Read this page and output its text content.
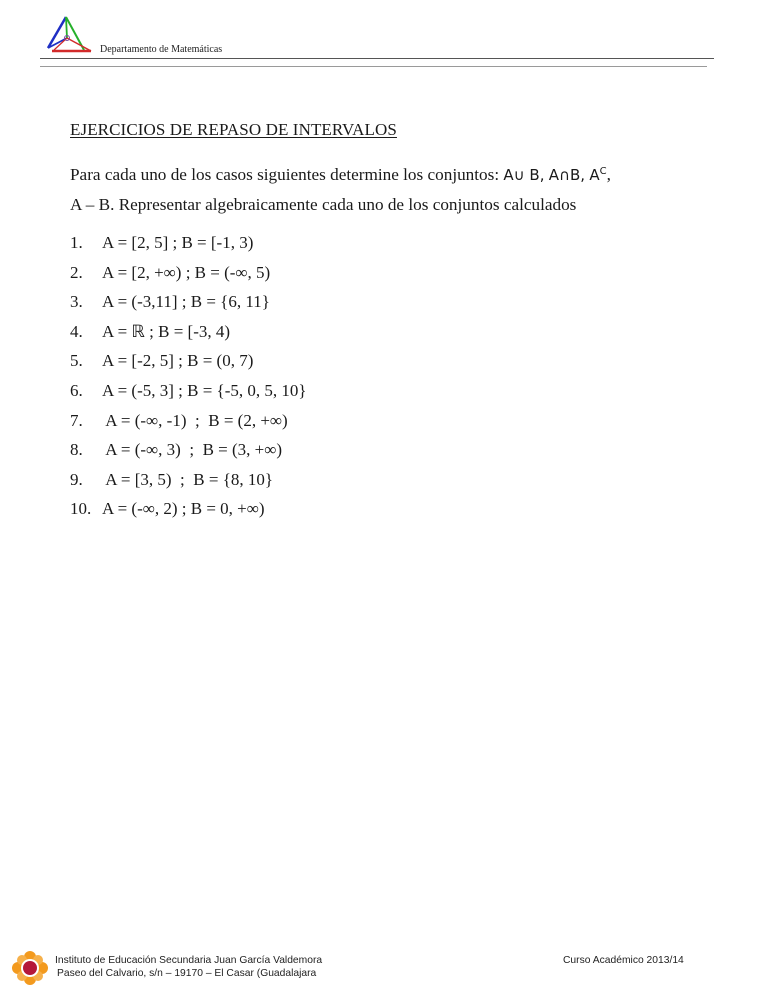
Departamento de Matemáticas
EJERCICIOS DE REPASO DE INTERVALOS
Para cada uno de los casos siguientes determine los conjuntos: A∪ B, A∩B, $A^C$,
A – B. Representar algebraicamente cada uno de los conjuntos calculados
1. A = [2, 5] ; B = [-1, 3)
2. A = [2, +∞) ; B = (-∞, 5)
3. A = (-3,11] ; B = {6, 11}
4. A = ℝ ; B = [-3, 4)
5. A = [-2, 5] ; B = (0, 7)
6. A = (-5, 3] ; B = {-5, 0, 5, 10}
7. A = (-∞, -1)  ;  B = (2, +∞)
8. A = (-∞, 3)  ;  B = (3, +∞)
9. A = [3, 5)  ;  B = {8, 10}
10. A = (-∞, 2) ; B = 0, +∞)
Instituto de Educación Secundaria Juan García Valdemora
Paseo del Calvario, s/n – 19170 – El Casar (Guadalajara
Curso Académico 2013/14
